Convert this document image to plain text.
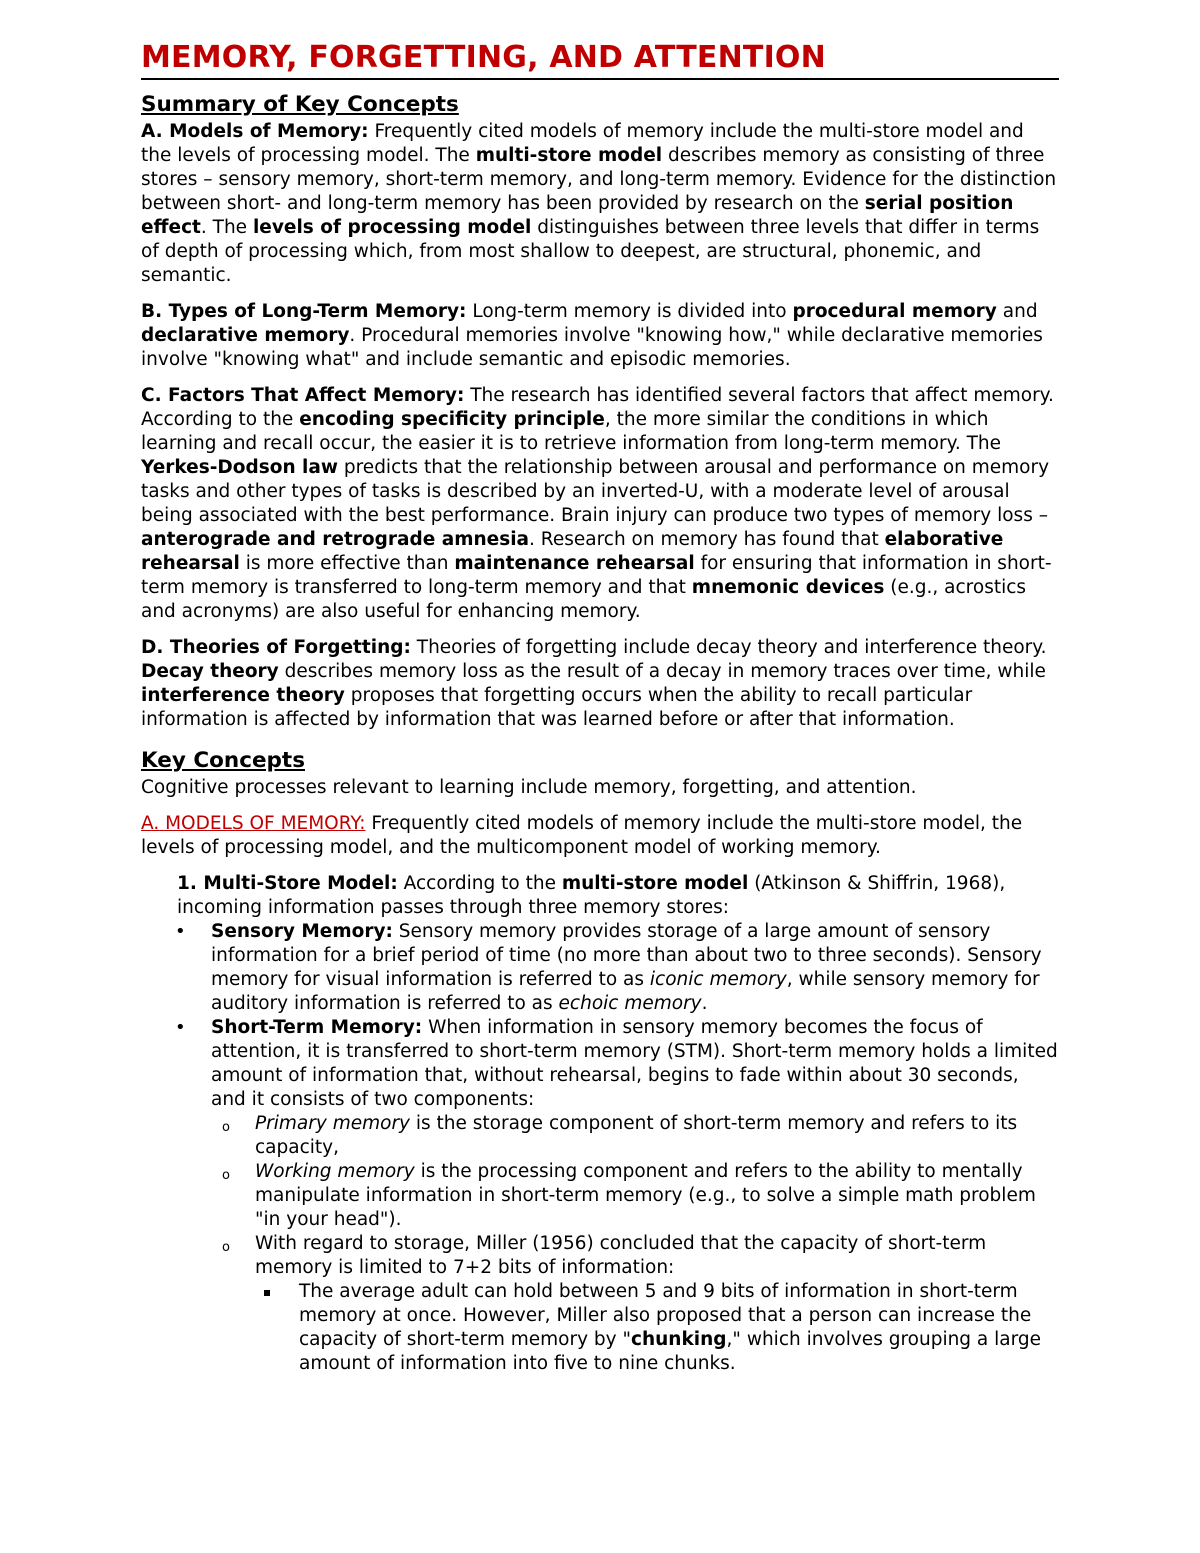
MEMORY, FORGETTING, AND ATTENTION
Summary of Key Concepts

A. Models of Memory: Frequently cited models of memory include the multi-store model and the levels of processing model. The multi-store model describes memory as consisting of three stores – sensory memory, short-term memory, and long-term memory. Evidence for the distinction between short- and long-term memory has been provided by research on the serial position effect. The levels of processing model distinguishes between three levels that differ in terms of depth of processing which, from most shallow to deepest, are structural, phonemic, and semantic.

B. Types of Long-Term Memory: Long-term memory is divided into procedural memory and declarative memory. Procedural memories involve "knowing how," while declarative memories involve "knowing what" and include semantic and episodic memories.

C. Factors That Affect Memory: The research has identified several factors that affect memory. According to the encoding specificity principle, the more similar the conditions in which learning and recall occur, the easier it is to retrieve information from long-term memory. The Yerkes-Dodson law predicts that the relationship between arousal and performance on memory tasks and other types of tasks is described by an inverted-U, with a moderate level of arousal being associated with the best performance. Brain injury can produce two types of memory loss – anterograde and retrograde amnesia. Research on memory has found that elaborative rehearsal is more effective than maintenance rehearsal for ensuring that information in short-term memory is transferred to long-term memory and that mnemonic devices (e.g., acrostics and acronyms) are also useful for enhancing memory.

D. Theories of Forgetting: Theories of forgetting include decay theory and interference theory. Decay theory describes memory loss as the result of a decay in memory traces over time, while interference theory proposes that forgetting occurs when the ability to recall particular information is affected by information that was learned before or after that information.

Key Concepts

Cognitive processes relevant to learning include memory, forgetting, and attention.

A. MODELS OF MEMORY: Frequently cited models of memory include the multi-store model, the levels of processing model, and the multicomponent model of working memory.

1. Multi-Store Model: According to the multi-store model (Atkinson & Shiffrin, 1968), incoming information passes through three memory stores:

• Sensory Memory: Sensory memory provides storage of a large amount of sensory information for a brief period of time (no more than about two to three seconds). Sensory memory for visual information is referred to as iconic memory, while sensory memory for auditory information is referred to as echoic memory.
• Short-Term Memory: When information in sensory memory becomes the focus of attention, it is transferred to short-term memory (STM). Short-term memory holds a limited amount of information that, without rehearsal, begins to fade within about 30 seconds, and it consists of two components:
o Primary memory is the storage component of short-term memory and refers to its capacity,
o Working memory is the processing component and refers to the ability to mentally manipulate information in short-term memory (e.g., to solve a simple math problem "in your head").
o With regard to storage, Miller (1956) concluded that the capacity of short-term memory is limited to 7+2 bits of information:
The average adult can hold between 5 and 9 bits of information in short-term memory at once. However, Miller also proposed that a person can increase the capacity of short-term memory by "chunking," which involves grouping a large amount of information into five to nine chunks.
